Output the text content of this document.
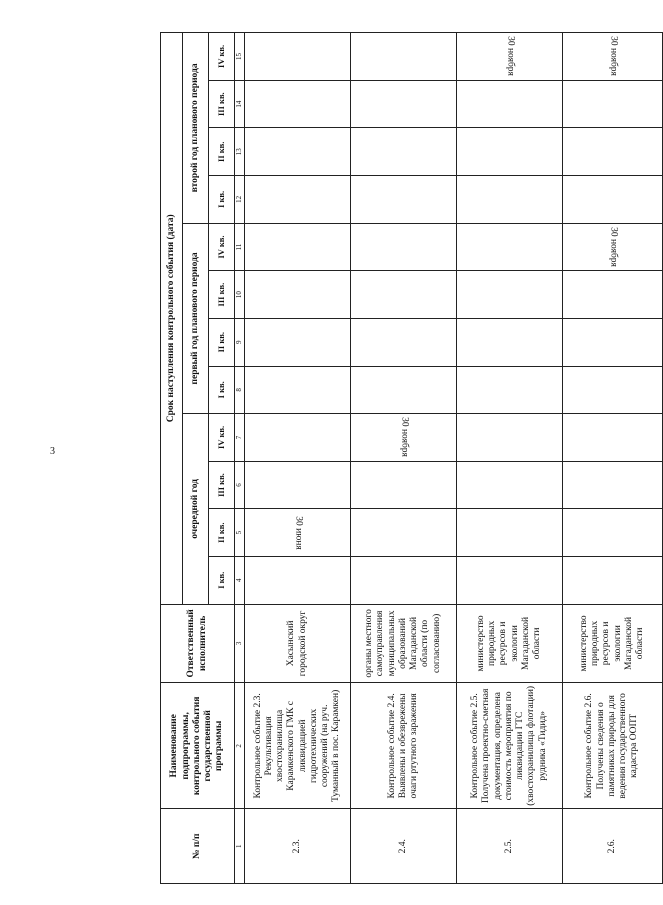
3
№ п/п	Наименование подпрограммы, контрольного события государственной программы	Ответственный исполнитель	Срок наступления контрольного события (дата)											
			очередной год				первый год планового периода				второй год планового периода			
			I кв.	II кв.	III кв.	IV кв.	I кв.	II кв.	III кв.	IV кв.	I кв.	II кв.	III кв.	IV кв.

1	2	3	4	5	6	7	8	9	10	11	12	13	14	15
2.3.	Контрольное событие 2.3. Рекультивация хвостохранилища Карамкенского ГМК с ликвидацией гидротехнических сооружений (на руч. Туманный в пос. Карамкен)	Хасынский городской округ		30 июня										

2.4.	Контрольное событие 2.4. Выявлены и обезврежены очаги ртутного заражения	органы местного самоуправления муниципальных образований Магаданской области (по согласованию)				30 ноября								

2.5.	Контрольное событие 2.5. Получена проектно-сметная документация, определена стоимость мероприятия по ликвидации ГТС (хвостохранилища флотации) рудника «Тидид»	министерство природных ресурсов и экологии Магаданской области												30 ноября

2.6.	Контрольное событие 2.6. Получены сведения о памятниках природы для ведения государственного кадастра ООПТ	министерство природных ресурсов и экологии Магаданской области								30 ноября				30 ноября
